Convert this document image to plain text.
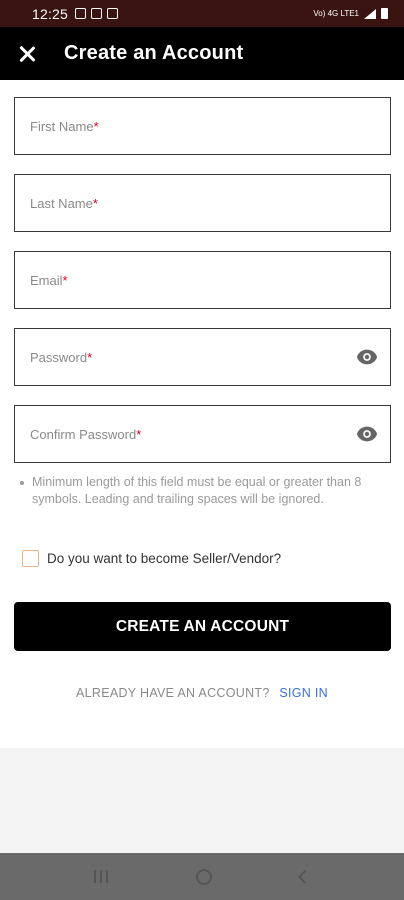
12:25	Vo) 4G LTE1
Create an Account
First Name*
Last Name*
Email*
Password*
Confirm Password*
Minimum length of this field must be equal or greater than 8 symbols. Leading and trailing spaces will be ignored.
Do you want to become Seller/Vendor?
CREATE AN ACCOUNT
ALREADY HAVE AN ACCOUNT? SIGN IN
